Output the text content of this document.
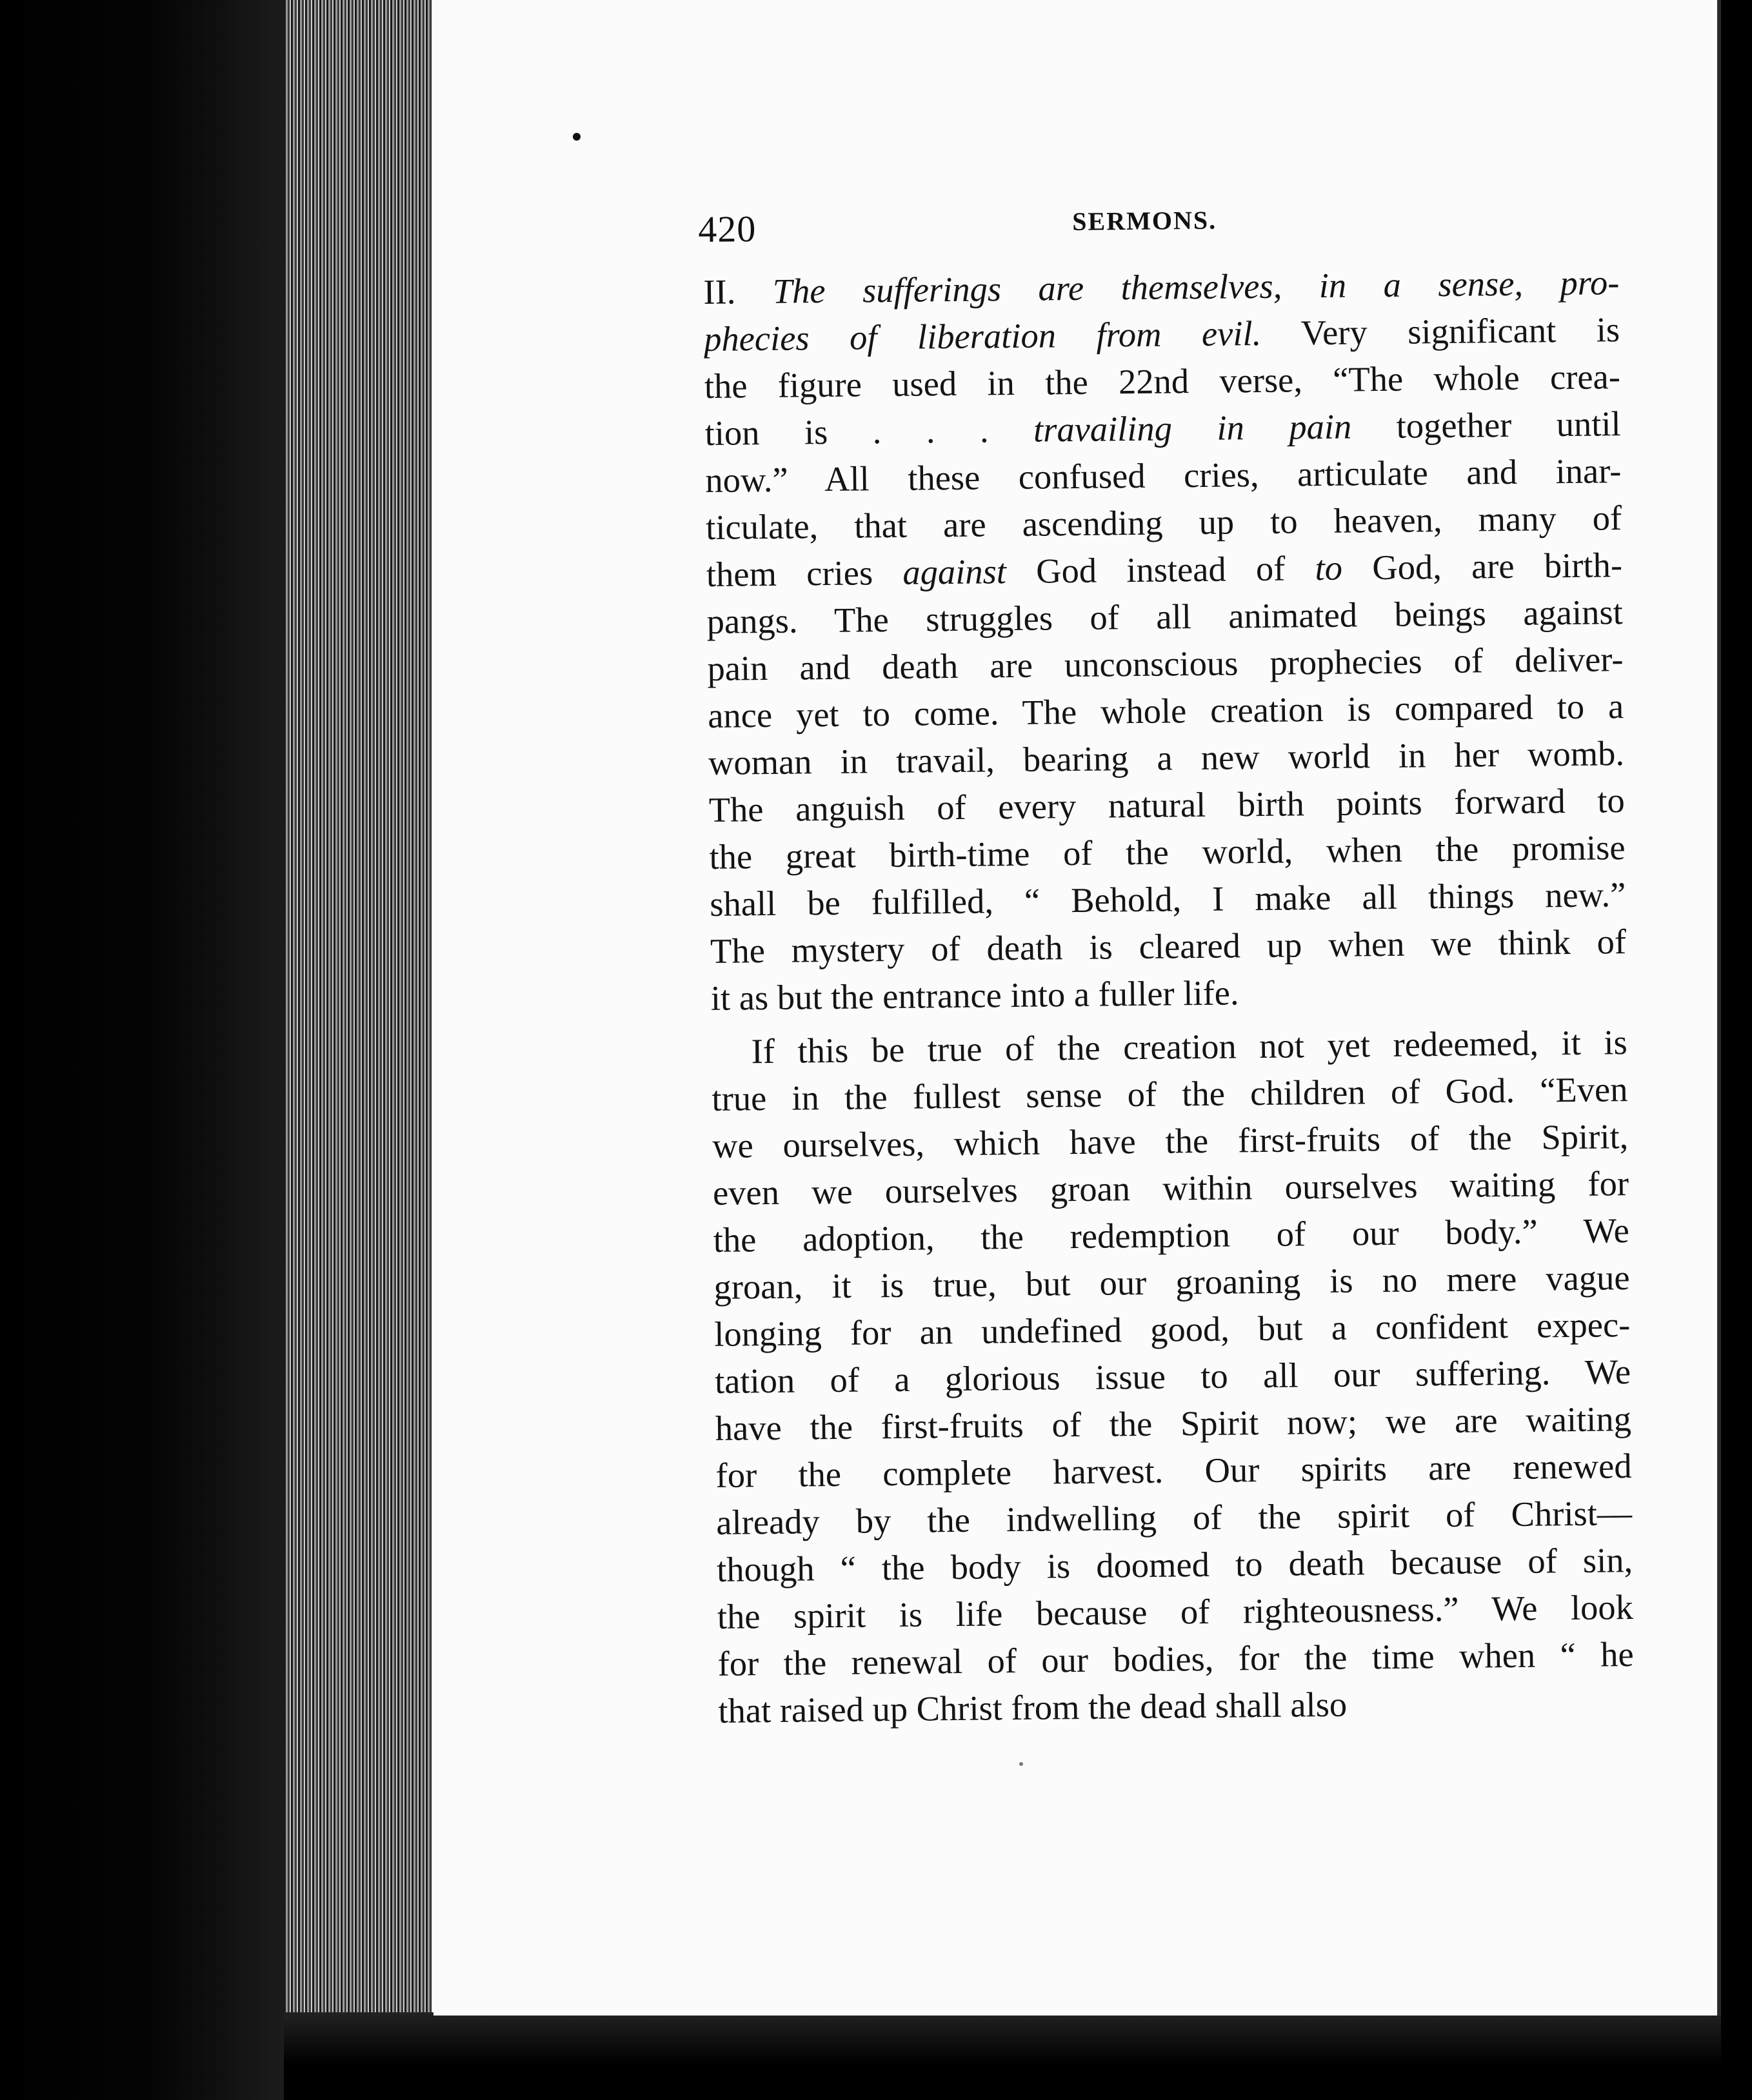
420	SERMONS.
II. The sufferings are themselves, in a sense, pro-
phecies of liberation from evil. Very significant is
the figure used in the 22nd verse, “The whole crea-
tion is . . . travailing in pain together until
now.” All these confused cries, articulate and inar-
ticulate, that are ascending up to heaven, many of
them cries against God instead of to God, are birth-
pangs. The struggles of all animated beings against
pain and death are unconscious prophecies of deliver-
ance yet to come. The whole creation is compared to a
woman in travail, bearing a new world in her womb.
The anguish of every natural birth points forward to
the great birth-time of the world, when the promise
shall be fulfilled, “ Behold, I make all things new.”
The mystery of death is cleared up when we think of
it as but the entrance into a fuller life.
If this be true of the creation not yet redeemed, it is
true in the fullest sense of the children of God. “Even
we ourselves, which have the first-fruits of the Spirit,
even we ourselves groan within ourselves waiting for
the adoption, the redemption of our body.” We
groan, it is true, but our groaning is no mere vague
longing for an undefined good, but a confident expec-
tation of a glorious issue to all our suffering. We
have the first-fruits of the Spirit now; we are waiting
for the complete harvest. Our spirits are renewed
already by the indwelling of the spirit of Christ—
though “ the body is doomed to death because of sin,
the spirit is life because of righteousness.” We look
for the renewal of our bodies, for the time when “ he
that raised up Christ from the dead shall also
